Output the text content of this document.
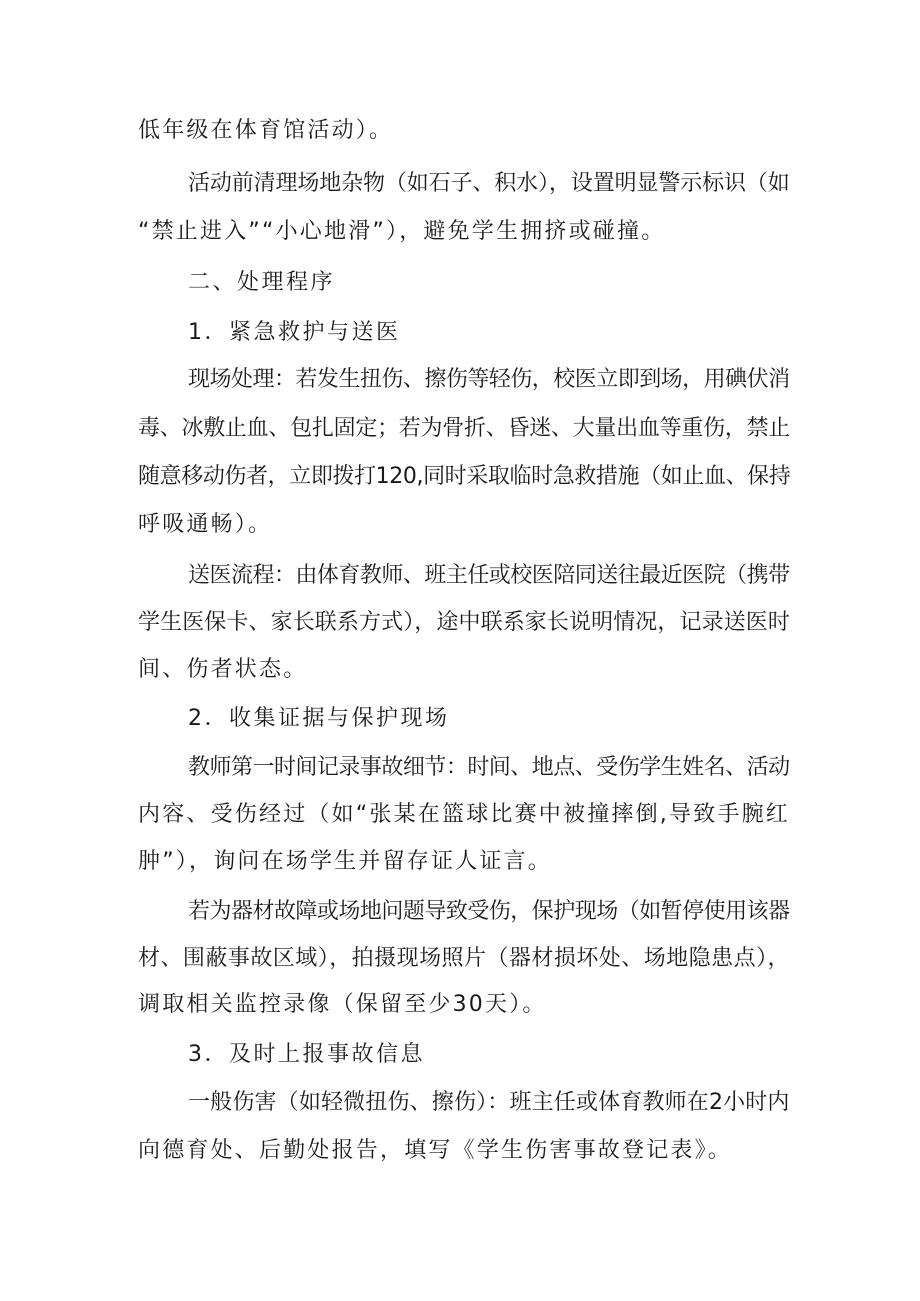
低年级在体育馆活动）。
活动前清理场地杂物（如石子、积水），设置明显警示标识（如
“禁止进入”“小心地滑”），避免学生拥挤或碰撞。
二、处理程序
1．紧急救护与送医
现场处理：若发生扭伤、擦伤等轻伤，校医立即到场，用碘伏消
毒、冰敷止血、包扎固定；若为骨折、昏迷、大量出血等重伤，禁止
随意移动伤者，立即拨打120,同时采取临时急救措施（如止血、保持
呼吸通畅）。
送医流程：由体育教师、班主任或校医陪同送往最近医院（携带
学生医保卡、家长联系方式），途中联系家长说明情况，记录送医时
间、伤者状态。
2．收集证据与保护现场
教师第一时间记录事故细节：时间、地点、受伤学生姓名、活动
内容、受伤经过（如“张某在篮球比赛中被撞摔倒,导致手腕红
肿”），询问在场学生并留存证人证言。
若为器材故障或场地问题导致受伤，保护现场（如暂停使用该器
材、围蔽事故区域），拍摄现场照片（器材损坏处、场地隐患点），
调取相关监控录像（保留至少30天）。
3．及时上报事故信息
一般伤害（如轻微扭伤、擦伤）：班主任或体育教师在2小时内
向德育处、后勤处报告，填写《学生伤害事故登记表》。
